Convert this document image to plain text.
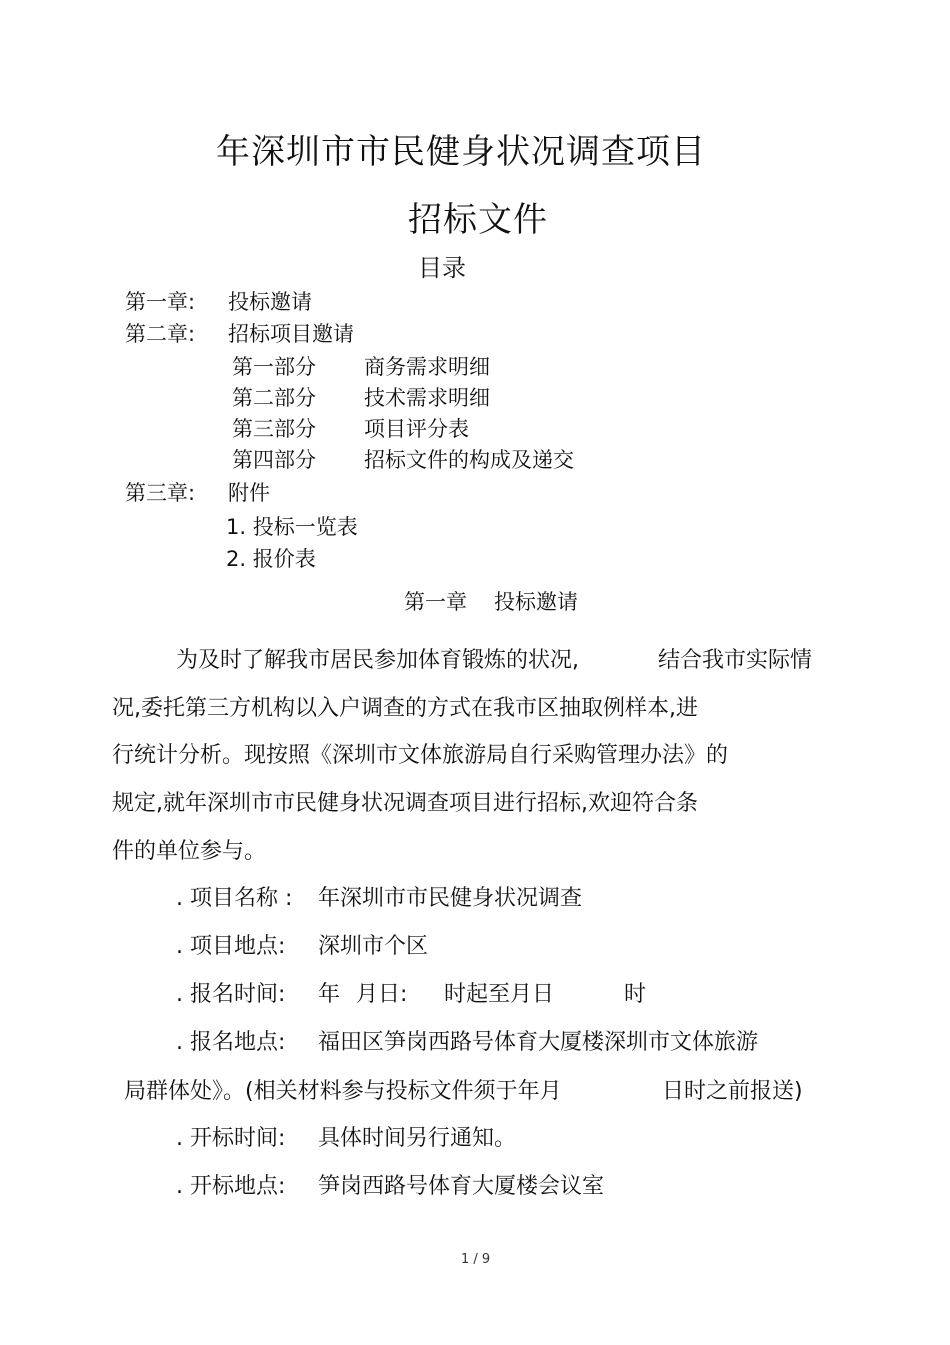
年深圳市市民健身状况调查项目
招标文件
目录
第一章: 投标邀请
第二章: 招标项目邀请
第一部分 商务需求明细
第二部分 技术需求明细
第三部分 项目评分表
第四部分 招标文件的构成及递交
第三章: 附件
1. 投标一览表
2. 报价表
第一章 投标邀请
为及时了解我市居民参加体育锻炼的状况,	结合我市实际情
况,委托第三方机构以入户调查的方式在我市区抽取例样本,进
行统计分析。现按照《深圳市文体旅游局自行采购管理办法》的
规定,就年深圳市市民健身状况调查项目进行招标,欢迎符合条
件的单位参与。
. 项目名称 : 年深圳市市民健身状况调查
. 项目地点: 深圳市个区
. 报名时间: 年 月日: 时起至月日	时
. 报名地点: 福田区笋岗西路号体育大厦楼深圳市文体旅游
局群体处》。(相关材料参与投标文件须于年月	日时之前报送)
. 开标时间: 具体时间另行通知。
. 开标地点: 笋岗西路号体育大厦楼会议室
1 / 9
